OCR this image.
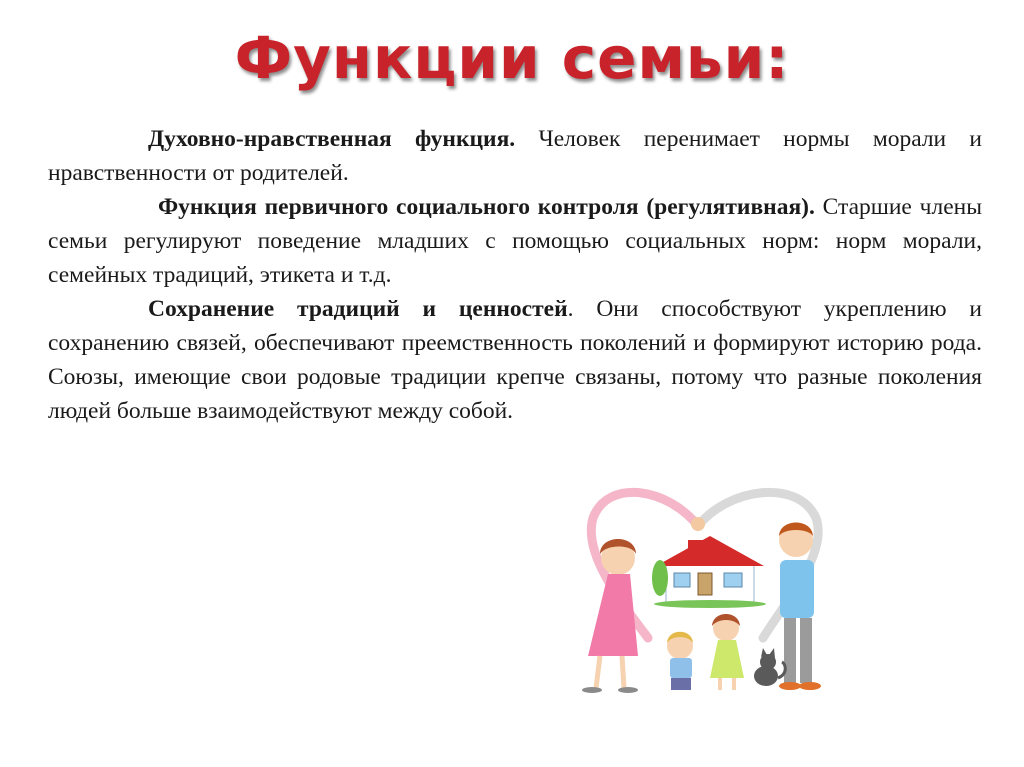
Функции семьи:

Духовно-нравственная функция. Человек перенимает нормы морали и нравственности от родителей.

Функция первичного социального контроля (регулятивная). Старшие члены семьи регулируют поведение младших с помощью социальных норм: норм морали, семейных традиций, этикета и т.д.

Сохранение традиций и ценностей. Они способствуют укреплению и сохранению связей, обеспечивают преемственность поколений и формируют историю рода. Союзы, имеющие свои родовые традиции крепче связаны, потому что разные поколения людей больше взаимодействуют между собой.
